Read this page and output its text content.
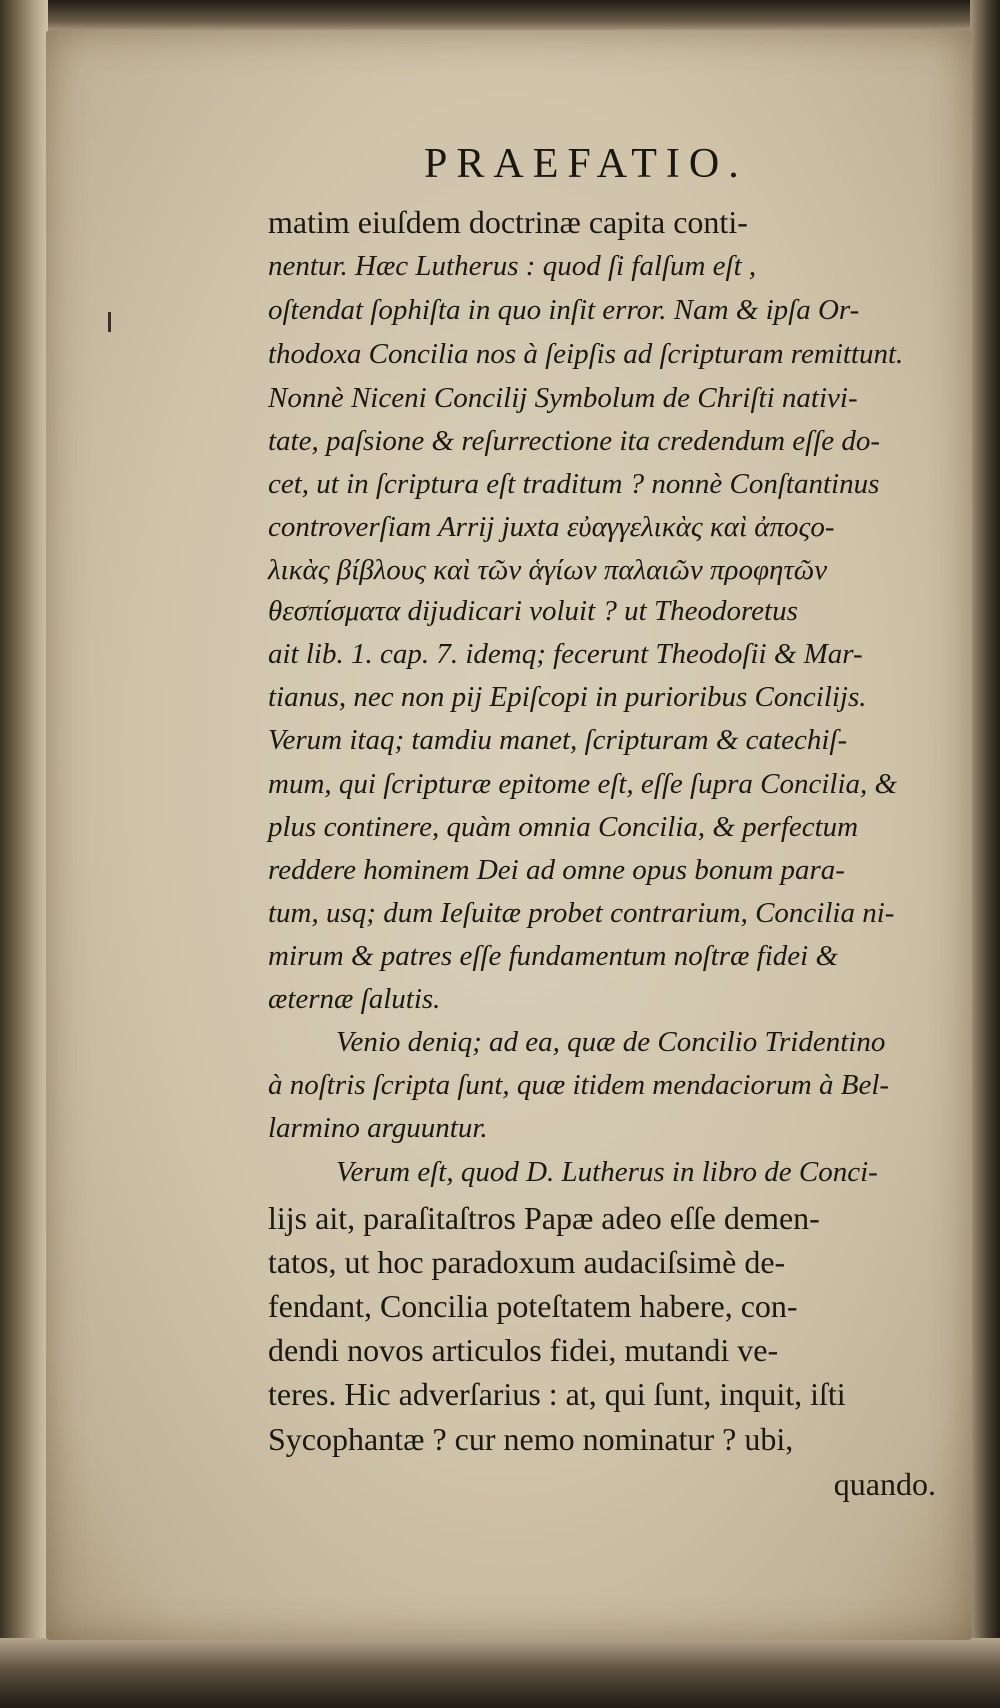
PRAEFATIO.
matim eiuſdem doctrinæ capita conti-
nentur. Hæc Lutherus : quod ſi falſum eſt ,
oſtendat ſophiſta in quo inſit error. Nam & ipſa Or-
thodoxa Concilia nos à ſeipſis ad ſcripturam remittunt.
Nonnè Niceni Concilij Symbolum de Chriſti nativi-
tate, paſsione & reſurrectione ita credendum eſſe do-
cet, ut in ſcriptura eſt traditum ? nonnè Conſtantinus
controverſiam Arrij juxta εὐαγγελικὰς καὶ ἀποςο-
λικὰς βίβλους καὶ τῶν ἁγίων παλαιῶν προφητῶν
θεσπίσματα dijudicari voluit ? ut Theodoretus
ait lib. 1. cap. 7. idemq; fecerunt Theodoſii & Mar-
tianus, nec non pij Epiſcopi in purioribus Concilijs.
Verum itaq; tamdiu manet, ſcripturam & catechiſ-
mum, qui ſcripturæ epitome eſt, eſſe ſupra Concilia, &
plus continere, quàm omnia Concilia, & perfectum
reddere hominem Dei ad omne opus bonum para-
tum, usq; dum Ieſuitæ probet contrarium, Concilia ni-
mirum & patres eſſe fundamentum noſtræ fidei &
æternæ ſalutis.
Venio deniq; ad ea, quæ de Concilio Tridentino
à noſtris ſcripta ſunt, quæ itidem mendaciorum à Bel-
larmino arguuntur.
Verum eſt, quod D. Lutherus in libro de Conci-
lijs ait, paraſitaſtros Papæ adeo eſſe demen-
tatos, ut hoc paradoxum audaciſsimè de-
fendant, Concilia poteſtatem habere, con-
dendi novos articulos fidei, mutandi ve-
teres. Hic adverſarius : at, qui ſunt, inquit, iſti
Sycophantæ ? cur nemo nominatur ? ubi,
quando.
